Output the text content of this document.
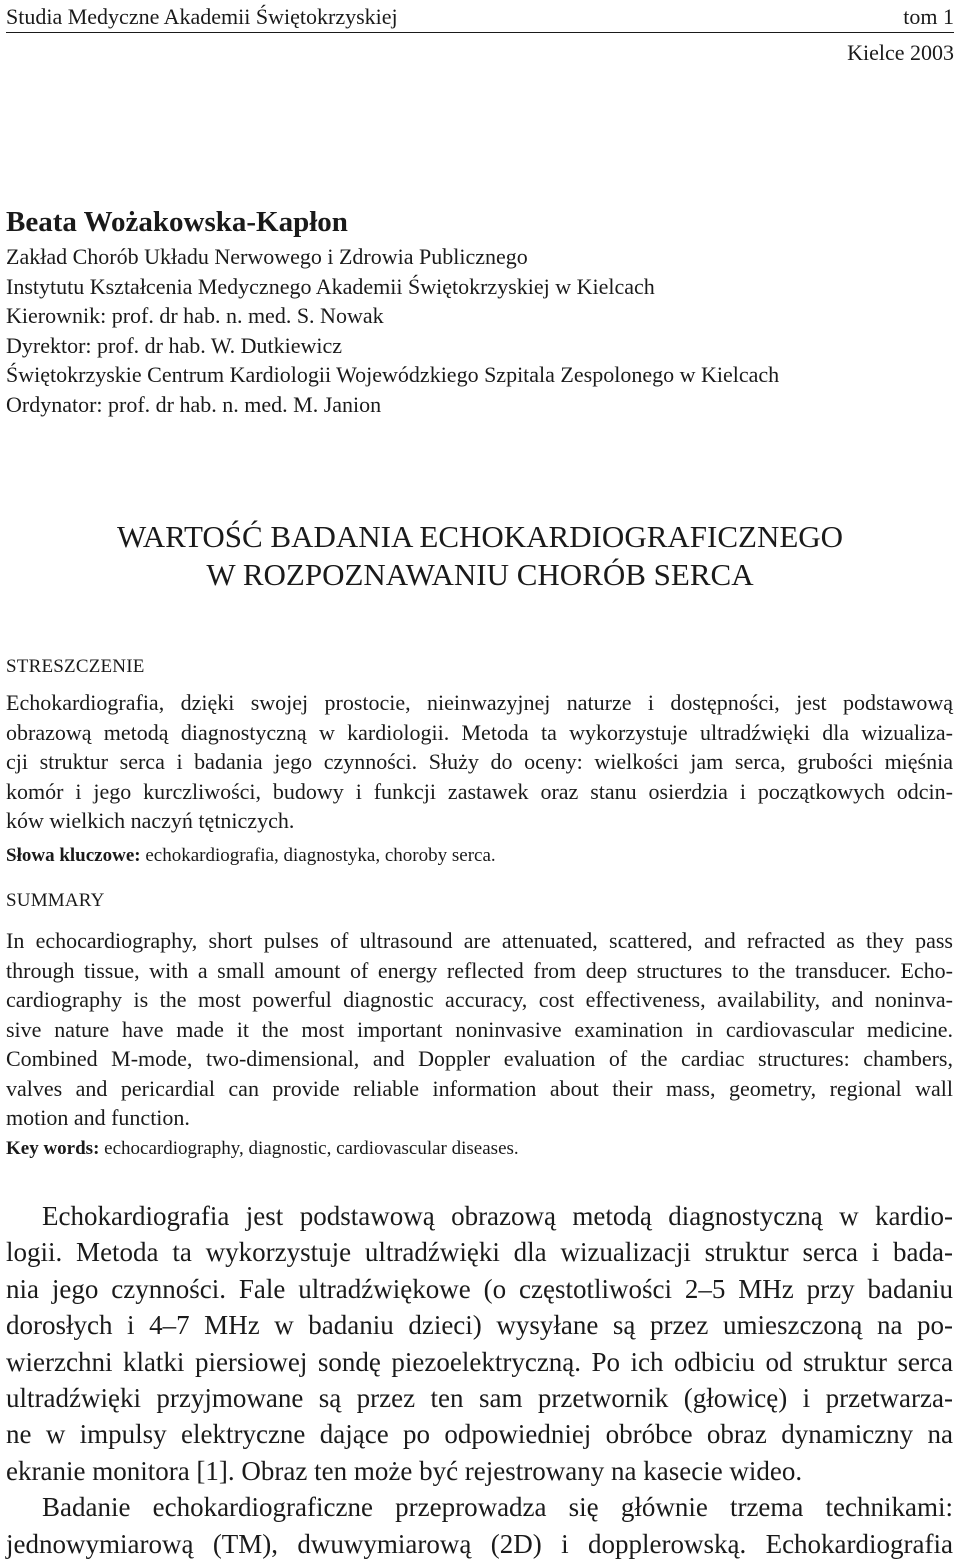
Studia Medyczne Akademii Świętokrzyskiej	tom 1
Kielce 2003
Beata Wożakowska-Kapłon
Zakład Chorób Układu Nerwowego i Zdrowia Publicznego
Instytutu Kształcenia Medycznego Akademii Świętokrzyskiej w Kielcach
Kierownik: prof. dr hab. n. med. S. Nowak
Dyrektor: prof. dr hab. W. Dutkiewicz
Świętokrzyskie Centrum Kardiologii Wojewódzkiego Szpitala Zespolonego w Kielcach
Ordynator: prof. dr hab. n. med. M. Janion
WARTOŚĆ BADANIA ECHOKARDIOGRAFICZNEGO
W ROZPOZNAWANIU CHORÓB SERCA
STRESZCZENIE
Echokardiografia, dzięki swojej prostocie, nieinwazyjnej naturze i dostępności, jest podstawową
obrazową metodą diagnostyczną w kardiologii. Metoda ta wykorzystuje ultradźwięki dla wizualiza-
cji struktur serca i badania jego czynności. Służy do oceny: wielkości jam serca, grubości mięśnia
komór i jego kurczliwości, budowy i funkcji zastawek oraz stanu osierdzia i początkowych odcin-
ków wielkich naczyń tętniczych.
Słowa kluczowe: echokardiografia, diagnostyka, choroby serca.
SUMMARY
In echocardiography, short pulses of ultrasound are attenuated, scattered, and refracted as they pass
through tissue, with a small amount of energy reflected from deep structures to the transducer. Echo-
cardiography is the most powerful diagnostic accuracy, cost effectiveness, availability, and noninva-
sive nature have made it the most important noninvasive examination in cardiovascular medicine.
Combined M-mode, two-dimensional, and Doppler evaluation of the cardiac structures: chambers,
valves and pericardial can provide reliable information about their mass, geometry, regional wall
motion and function.
Key words: echocardiography, diagnostic, cardiovascular diseases.
Echokardiografia jest podstawową obrazową metodą diagnostyczną w kardio-
logii. Metoda ta wykorzystuje ultradźwięki dla wizualizacji struktur serca i bada-
nia jego czynności. Fale ultradźwiękowe (o częstotliwości 2–5 MHz przy badaniu
dorosłych i 4–7 MHz w badaniu dzieci) wysyłane są przez umieszczoną na po-
wierzchni klatki piersiowej sondę piezoelektryczną. Po ich odbiciu od struktur serca
ultradźwięki przyjmowane są przez ten sam przetwornik (głowicę) i przetwarza-
ne w impulsy elektryczne dające po odpowiedniej obróbce obraz dynamiczny na
ekranie monitora [1]. Obraz ten może być rejestrowany na kasecie wideo.
Badanie echokardiograficzne przeprowadza się głównie trzema technikami:
jednowymiarową (TM), dwuwymiarową (2D) i dopplerowską. Echokardiografia
